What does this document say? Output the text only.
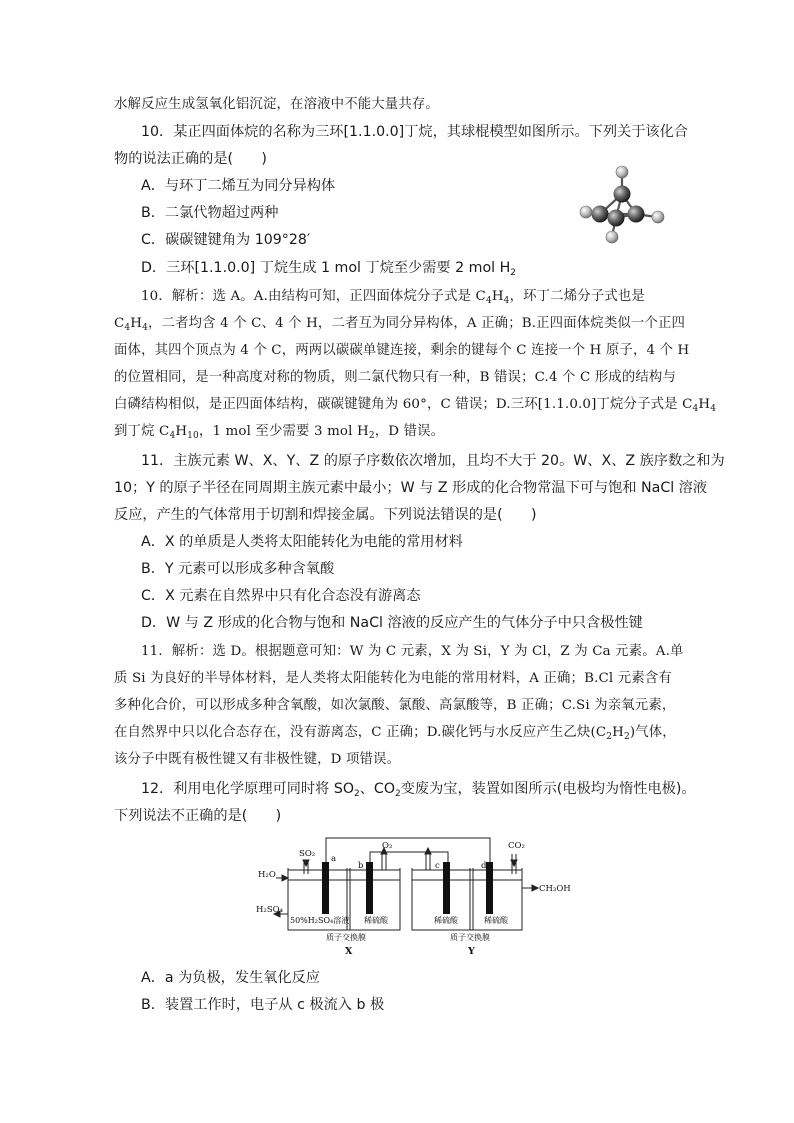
水解反应生成氢氧化铝沉淀，在溶液中不能大量共存。
10．某正四面体烷的名称为三环[1.1.0.0]丁烷，其球棍模型如图所示。下列关于该化合
物的说法正确的是(　　)
A．与环丁二烯互为同分异构体
B．二氯代物超过两种
C．碳碳键键角为 109°28′
D．三环[1.1.0.0] 丁烷生成 1 mol 丁烷至少需要 2 mol $H_2$
10．解析：选 A。A.由结构可知，正四面体烷分子式是 $C_4H_4$，环丁二烯分子式也是
$C_4H_4$，二者均含 4 个 C、4 个 H，二者互为同分异构体，A 正确；B.正四面体烷类似一个正四
面体，其四个顶点为 4 个 C，两两以碳碳单键连接，剩余的键每个 C 连接一个 H 原子，4 个 H
的位置相同，是一种高度对称的物质，则二氯代物只有一种，B 错误；C.4 个 C 形成的结构与
白磷结构相似，是正四面体结构，碳碳键键角为 60°，C 错误；D.三环[1.1.0.0]丁烷分子式是 $C_4H_4$
到丁烷 $C_4H_{10}$，1 mol 至少需要 3 mol $H_2$，D 错误。
11．主族元素 W、X、Y、Z 的原子序数依次增加，且均不大于 20。W、X、Z 族序数之和为
10；Y 的原子半径在同周期主族元素中最小；W 与 Z 形成的化合物常温下可与饱和 NaCl 溶液
反应，产生的气体常用于切割和焊接金属。下列说法错误的是(　　)
A．X 的单质是人类将太阳能转化为电能的常用材料
B．Y 元素可以形成多种含氧酸
C．X 元素在自然界中只有化合态没有游离态
D．W 与 Z 形成的化合物与饱和 NaCl 溶液的反应产生的气体分子中只含极性键
11．解析：选 D。根据题意可知：W 为 C 元素，X 为 Si，Y 为 Cl，Z 为 Ca 元素。A.单
质 Si 为良好的半导体材料，是人类将太阳能转化为电能的常用材料，A 正确；B.Cl 元素含有
多种化合价，可以形成多种含氧酸，如次氯酸、氯酸、高氯酸等，B 正确；C.Si 为亲氧元素，
在自然界中只以化合态存在，没有游离态，C 正确；D.碳化钙与水反应产生乙炔$(C_2H_2)$气体，
该分子中既有极性键又有非极性键，D 项错误。
12．利用电化学原理可同时将 $SO_2$、$CO_2$变废为宝，装置如图所示(电极均为惰性电极)。
下列说法不正确的是(　　)
SO₂
H₂O
H₂SO₄
O₂	CO₂
CH₃OH
a
b	c	d
50%H₂SO₄溶液 稀硫酸	稀硫酸	稀硫酸
质子交换膜	质子交换膜
X	Y
A．a 为负极，发生氧化反应
B．装置工作时，电子从 c 极流入 b 极
